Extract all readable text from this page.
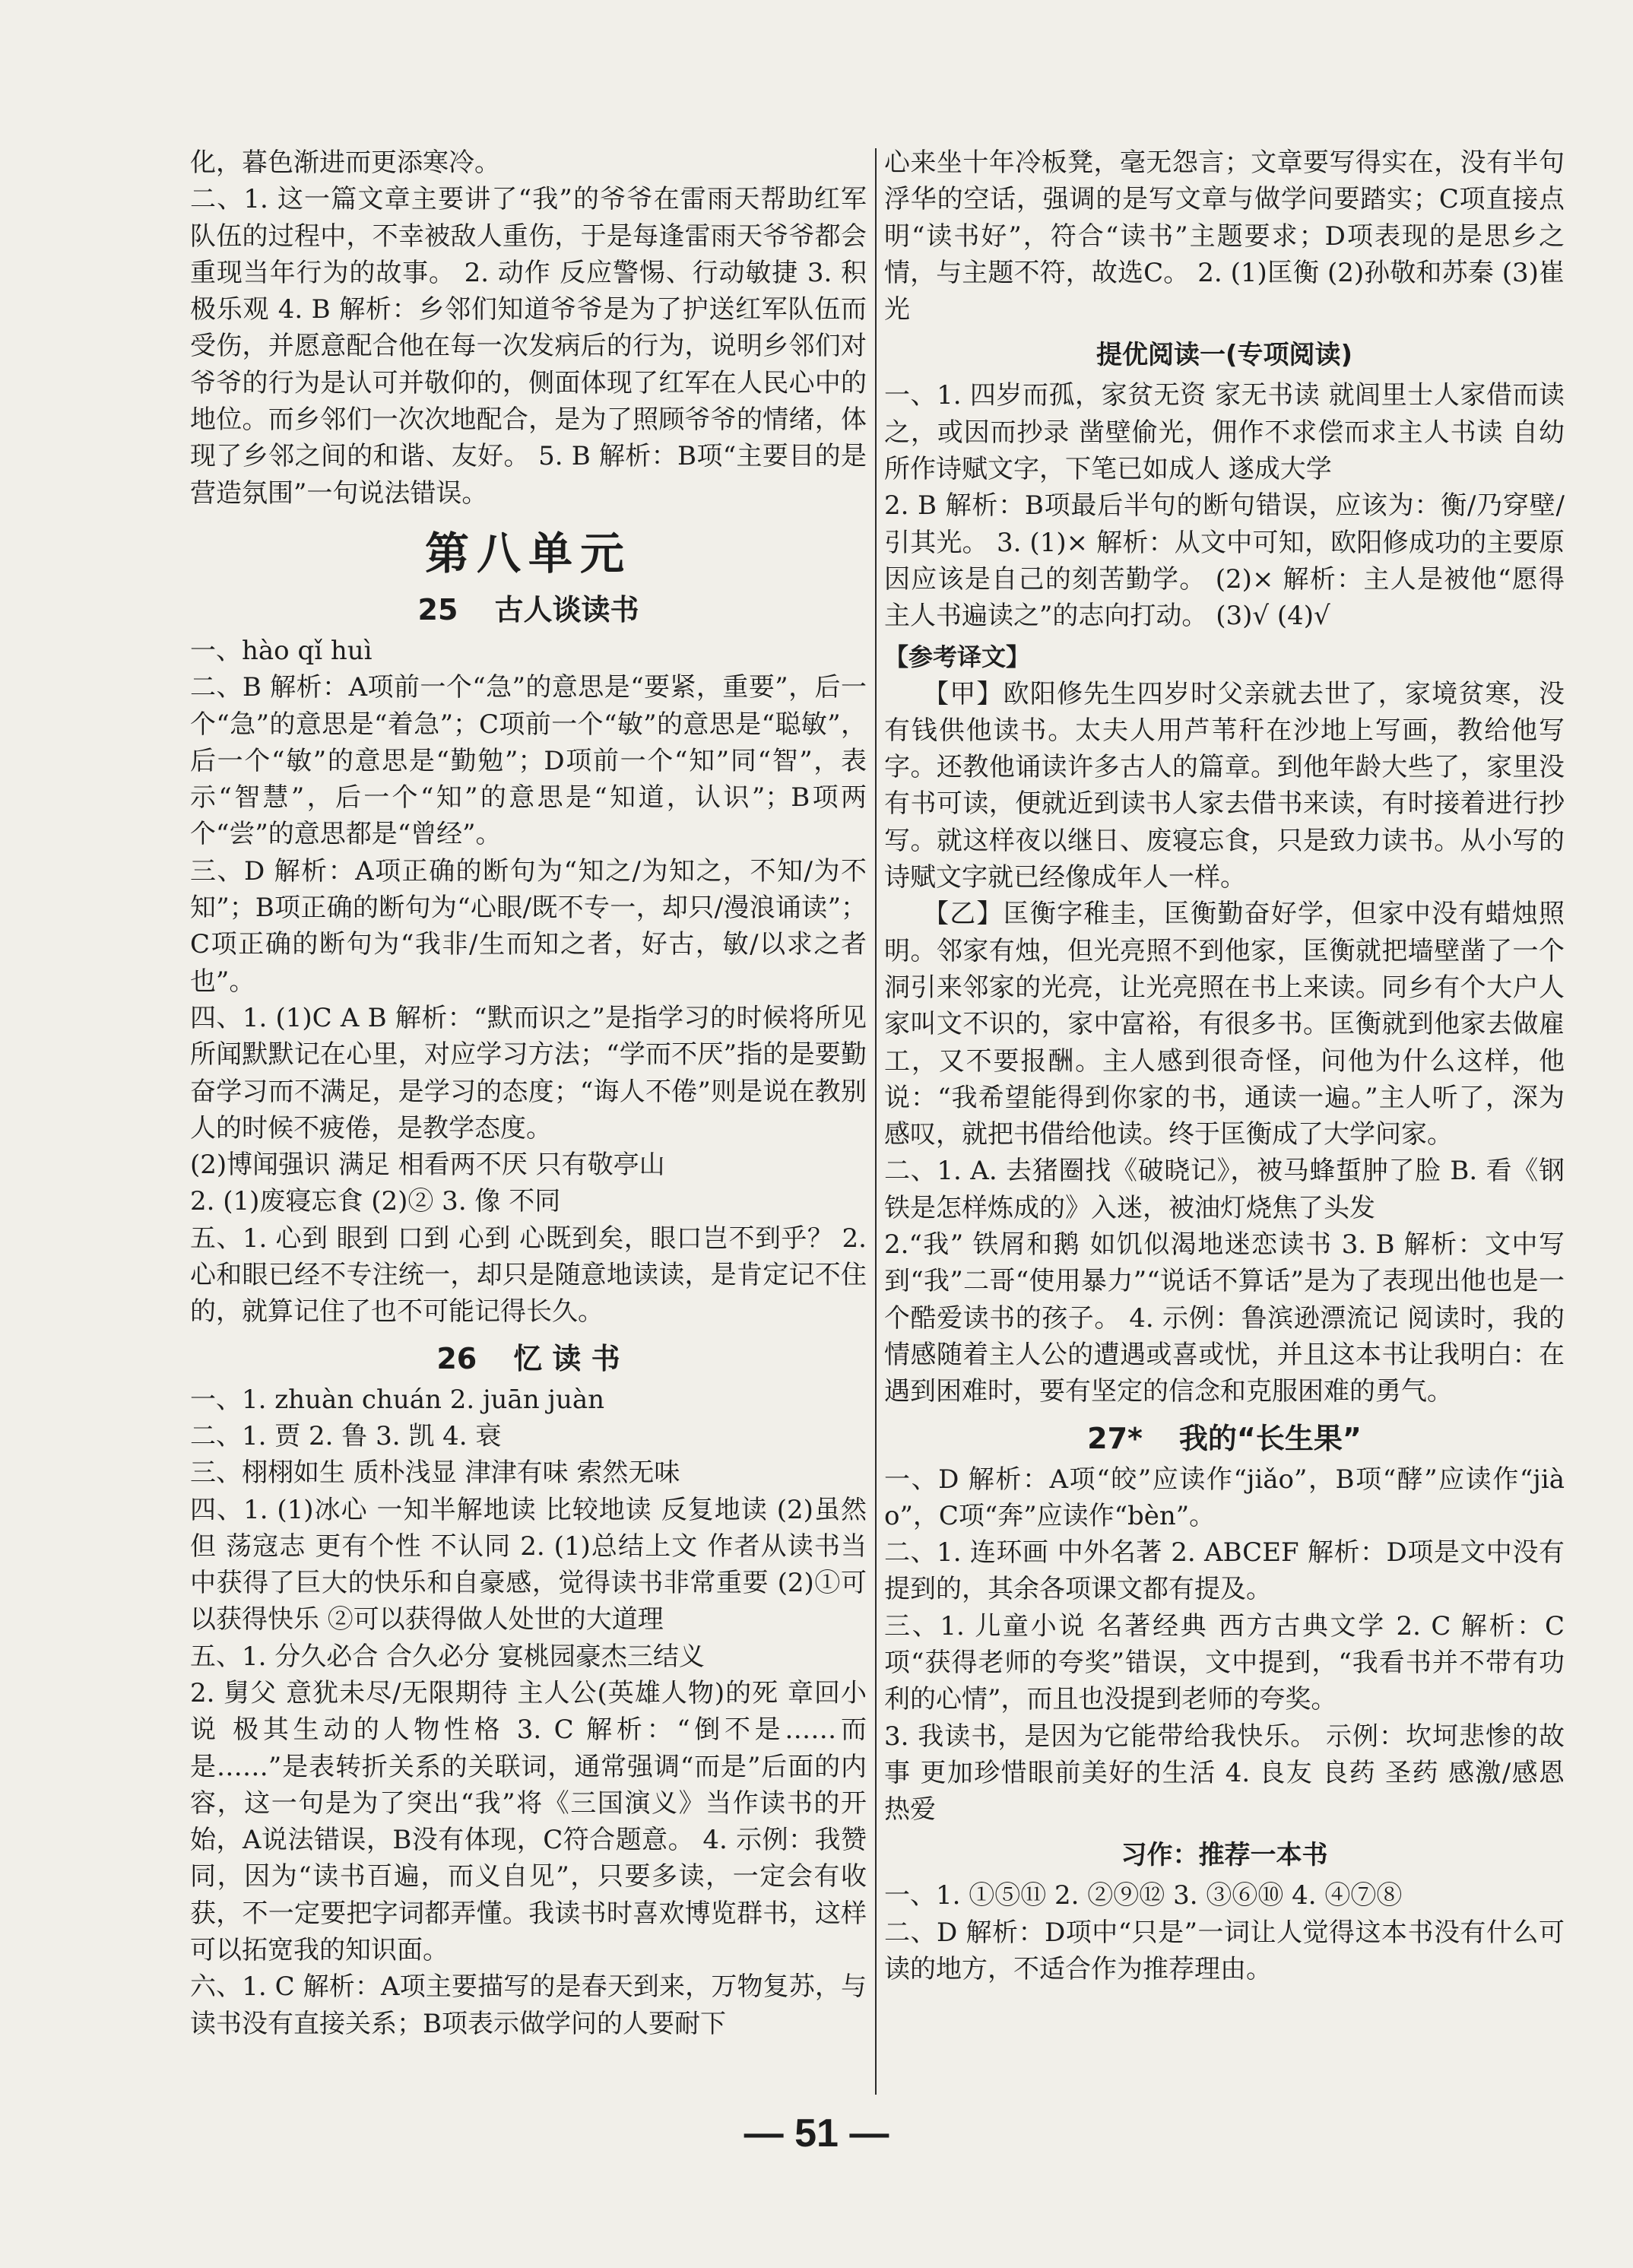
化，暮色渐进而更添寒冷。

二、1. 这一篇文章主要讲了“我”的爷爷在雷雨天帮助红军队伍的过程中，不幸被敌人重伤，于是每逢雷雨天爷爷都会重现当年行为的故事。 2. 动作 反应警惕、行动敏捷 3. 积极乐观 4. B 解析：乡邻们知道爷爷是为了护送红军队伍而受伤，并愿意配合他在每一次发病后的行为，说明乡邻们对爷爷的行为是认可并敬仰的，侧面体现了红军在人民心中的地位。而乡邻们一次次地配合，是为了照顾爷爷的情绪，体现了乡邻之间的和谐、友好。 5. B 解析：B项“主要目的是营造氛围”一句说法错误。

第八单元
25 古人谈读书

一、hào qǐ huì

二、B 解析：A项前一个“急”的意思是“要紧，重要”，后一个“急”的意思是“着急”；C项前一个“敏”的意思是“聪敏”，后一个“敏”的意思是“勤勉”；D项前一个“知”同“智”，表示“智慧”，后一个“知”的意思是“知道，认识”；B项两个“尝”的意思都是“曾经”。

三、D 解析：A项正确的断句为“知之/为知之，不知/为不知”；B项正确的断句为“心眼/既不专一，却只/漫浪诵读”；C项正确的断句为“我非/生而知之者，好古，敏/以求之者也”。

四、1. (1)C A B 解析：“默而识之”是指学习的时候将所见所闻默默记在心里，对应学习方法；“学而不厌”指的是要勤奋学习而不满足，是学习的态度；“诲人不倦”则是说在教别人的时候不疲倦，是教学态度。

(2)博闻强识 满足 相看两不厌 只有敬亭山

2. (1)废寝忘食 (2)② 3. 像 不同

五、1. 心到 眼到 口到 心到 心既到矣，眼口岂不到乎？ 2. 心和眼已经不专注统一，却只是随意地读读，是肯定记不住的，就算记住了也不可能记得长久。

26 忆 读 书

一、1. zhuàn chuán 2. juān juàn

二、1. 贾 2. 鲁 3. 凯 4. 衰

三、栩栩如生 质朴浅显 津津有味 索然无味

四、1. (1)冰心 一知半解地读 比较地读 反复地读 (2)虽然 但 荡寇志 更有个性 不认同 2. (1)总结上文 作者从读书当中获得了巨大的快乐和自豪感，觉得读书非常重要 (2)①可以获得快乐 ②可以获得做人处世的大道理

五、1. 分久必合 合久必分 宴桃园豪杰三结义

2. 舅父 意犹未尽/无限期待 主人公(英雄人物)的死 章回小说 极其生动的人物性格 3. C 解析：“倒不是……而是……”是表转折关系的关联词，通常强调“而是”后面的内容，这一句是为了突出“我”将《三国演义》当作读书的开始，A说法错误，B没有体现，C符合题意。 4. 示例：我赞同，因为“读书百遍，而义自见”，只要多读，一定会有收获，不一定要把字词都弄懂。我读书时喜欢博览群书，这样可以拓宽我的知识面。

六、1. C 解析：A项主要描写的是春天到来，万物复苏，与读书没有直接关系；B项表示做学问的人要耐下

心来坐十年冷板凳，毫无怨言；文章要写得实在，没有半句浮华的空话，强调的是写文章与做学问要踏实；C项直接点明“读书好”，符合“读书”主题要求；D项表现的是思乡之情，与主题不符，故选C。 2. (1)匡衡 (2)孙敬和苏秦 (3)崔光

提优阅读一(专项阅读)

一、1. 四岁而孤，家贫无资 家无书读 就闾里士人家借而读之，或因而抄录 凿壁偷光，佣作不求偿而求主人书读 自幼所作诗赋文字，下笔已如成人 遂成大学

2. B 解析：B项最后半句的断句错误，应该为：衡/乃穿壁/引其光。 3. (1)× 解析：从文中可知，欧阳修成功的主要原因应该是自己的刻苦勤学。 (2)× 解析：主人是被他“愿得主人书遍读之”的志向打动。 (3)√ (4)√

【参考译文】

【甲】欧阳修先生四岁时父亲就去世了，家境贫寒，没有钱供他读书。太夫人用芦苇秆在沙地上写画，教给他写字。还教他诵读许多古人的篇章。到他年龄大些了，家里没有书可读，便就近到读书人家去借书来读，有时接着进行抄写。就这样夜以继日、废寝忘食，只是致力读书。从小写的诗赋文字就已经像成年人一样。

【乙】匡衡字稚圭，匡衡勤奋好学，但家中没有蜡烛照明。邻家有烛，但光亮照不到他家，匡衡就把墙壁凿了一个洞引来邻家的光亮，让光亮照在书上来读。同乡有个大户人家叫文不识的，家中富裕，有很多书。匡衡就到他家去做雇工，又不要报酬。主人感到很奇怪，问他为什么这样，他说：“我希望能得到你家的书，通读一遍。”主人听了，深为感叹，就把书借给他读。终于匡衡成了大学问家。

二、1. A. 去猪圈找《破晓记》，被马蜂蜇肿了脸 B. 看《钢铁是怎样炼成的》入迷，被油灯烧焦了头发

2.“我” 铁屑和鹅 如饥似渴地迷恋读书 3. B 解析：文中写到“我”二哥“使用暴力”“说话不算话”是为了表现出他也是一个酷爱读书的孩子。 4. 示例：鲁滨逊漂流记 阅读时，我的情感随着主人公的遭遇或喜或忧，并且这本书让我明白：在遇到困难时，要有坚定的信念和克服困难的勇气。

27* 我的“长生果”

一、D 解析：A项“皎”应读作“jiǎo”，B项“酵”应读作“jiào”，C项“奔”应读作“bèn”。

二、1. 连环画 中外名著 2. ABCEF 解析：D项是文中没有提到的，其余各项课文都有提及。

三、1. 儿童小说 名著经典 西方古典文学 2. C 解析：C项“获得老师的夸奖”错误，文中提到，“我看书并不带有功利的心情”，而且也没提到老师的夸奖。

3. 我读书，是因为它能带给我快乐。 示例：坎坷悲惨的故事 更加珍惜眼前美好的生活 4. 良友 良药 圣药 感激/感恩 热爱

习作：推荐一本书

一、1. ①⑤⑪ 2. ②⑨⑫ 3. ③⑥⑩ 4. ④⑦⑧

二、D 解析：D项中“只是”一词让人觉得这本书没有什么可读的地方，不适合作为推荐理由。

— 51 —
